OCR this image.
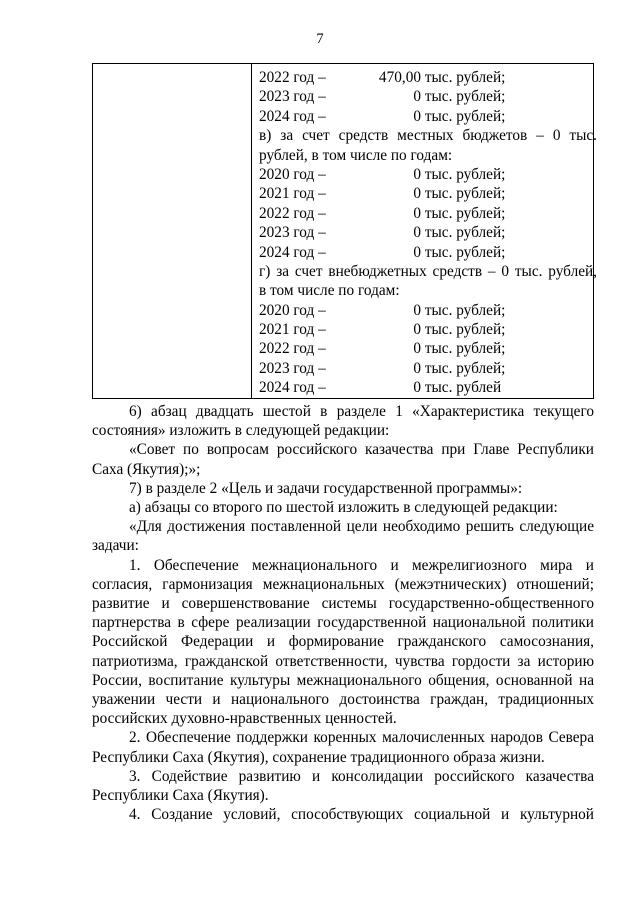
7

2022 год –	470,00 тыс. рублей;
2023 год –	0 тыс. рублей;
2024 год –	0 тыс. рублей;
в) за счет средств местных бюджетов – 0 тыс.
рублей, в том числе по годам:
2020 год –	0 тыс. рублей;
2021 год –	0 тыс. рублей;
2022 год –	0 тыс. рублей;
2023 год –	0 тыс. рублей;
2024 год –	0 тыс. рублей;
г) за счет внебюджетных средств – 0 тыс. рублей,
в том числе по годам:
2020 год –	0 тыс. рублей;
2021 год –	0 тыс. рублей;
2022 год –	0 тыс. рублей;
2023 год –	0 тыс. рублей;
2024 год –	0 тыс. рублей

6) абзац двадцать шестой в разделе 1 «Характеристика текущего состояния» изложить в следующей редакции:

«Совет по вопросам российского казачества при Главе Республики Саха (Якутия);»;

7) в разделе 2 «Цель и задачи государственной программы»:

а) абзацы со второго по шестой изложить в следующей редакции:

«Для достижения поставленной цели необходимо решить следующие задачи:

1. Обеспечение межнационального и межрелигиозного мира и согласия, гармонизация межнациональных (межэтнических) отношений; развитие и совершенствование системы государственно-общественного партнерства в сфере реализации государственной национальной политики Российской Федерации и формирование гражданского самосознания, патриотизма, гражданской ответственности, чувства гордости за историю России, воспитание культуры межнационального общения, основанной на уважении чести и национального достоинства граждан, традиционных российских духовно-нравственных ценностей.

2. Обеспечение поддержки коренных малочисленных народов Севера Республики Саха (Якутия), сохранение традиционного образа жизни.

3. Содействие развитию и консолидации российского казачества Республики Саха (Якутия).

4. Создание условий, способствующих социальной и культурной
